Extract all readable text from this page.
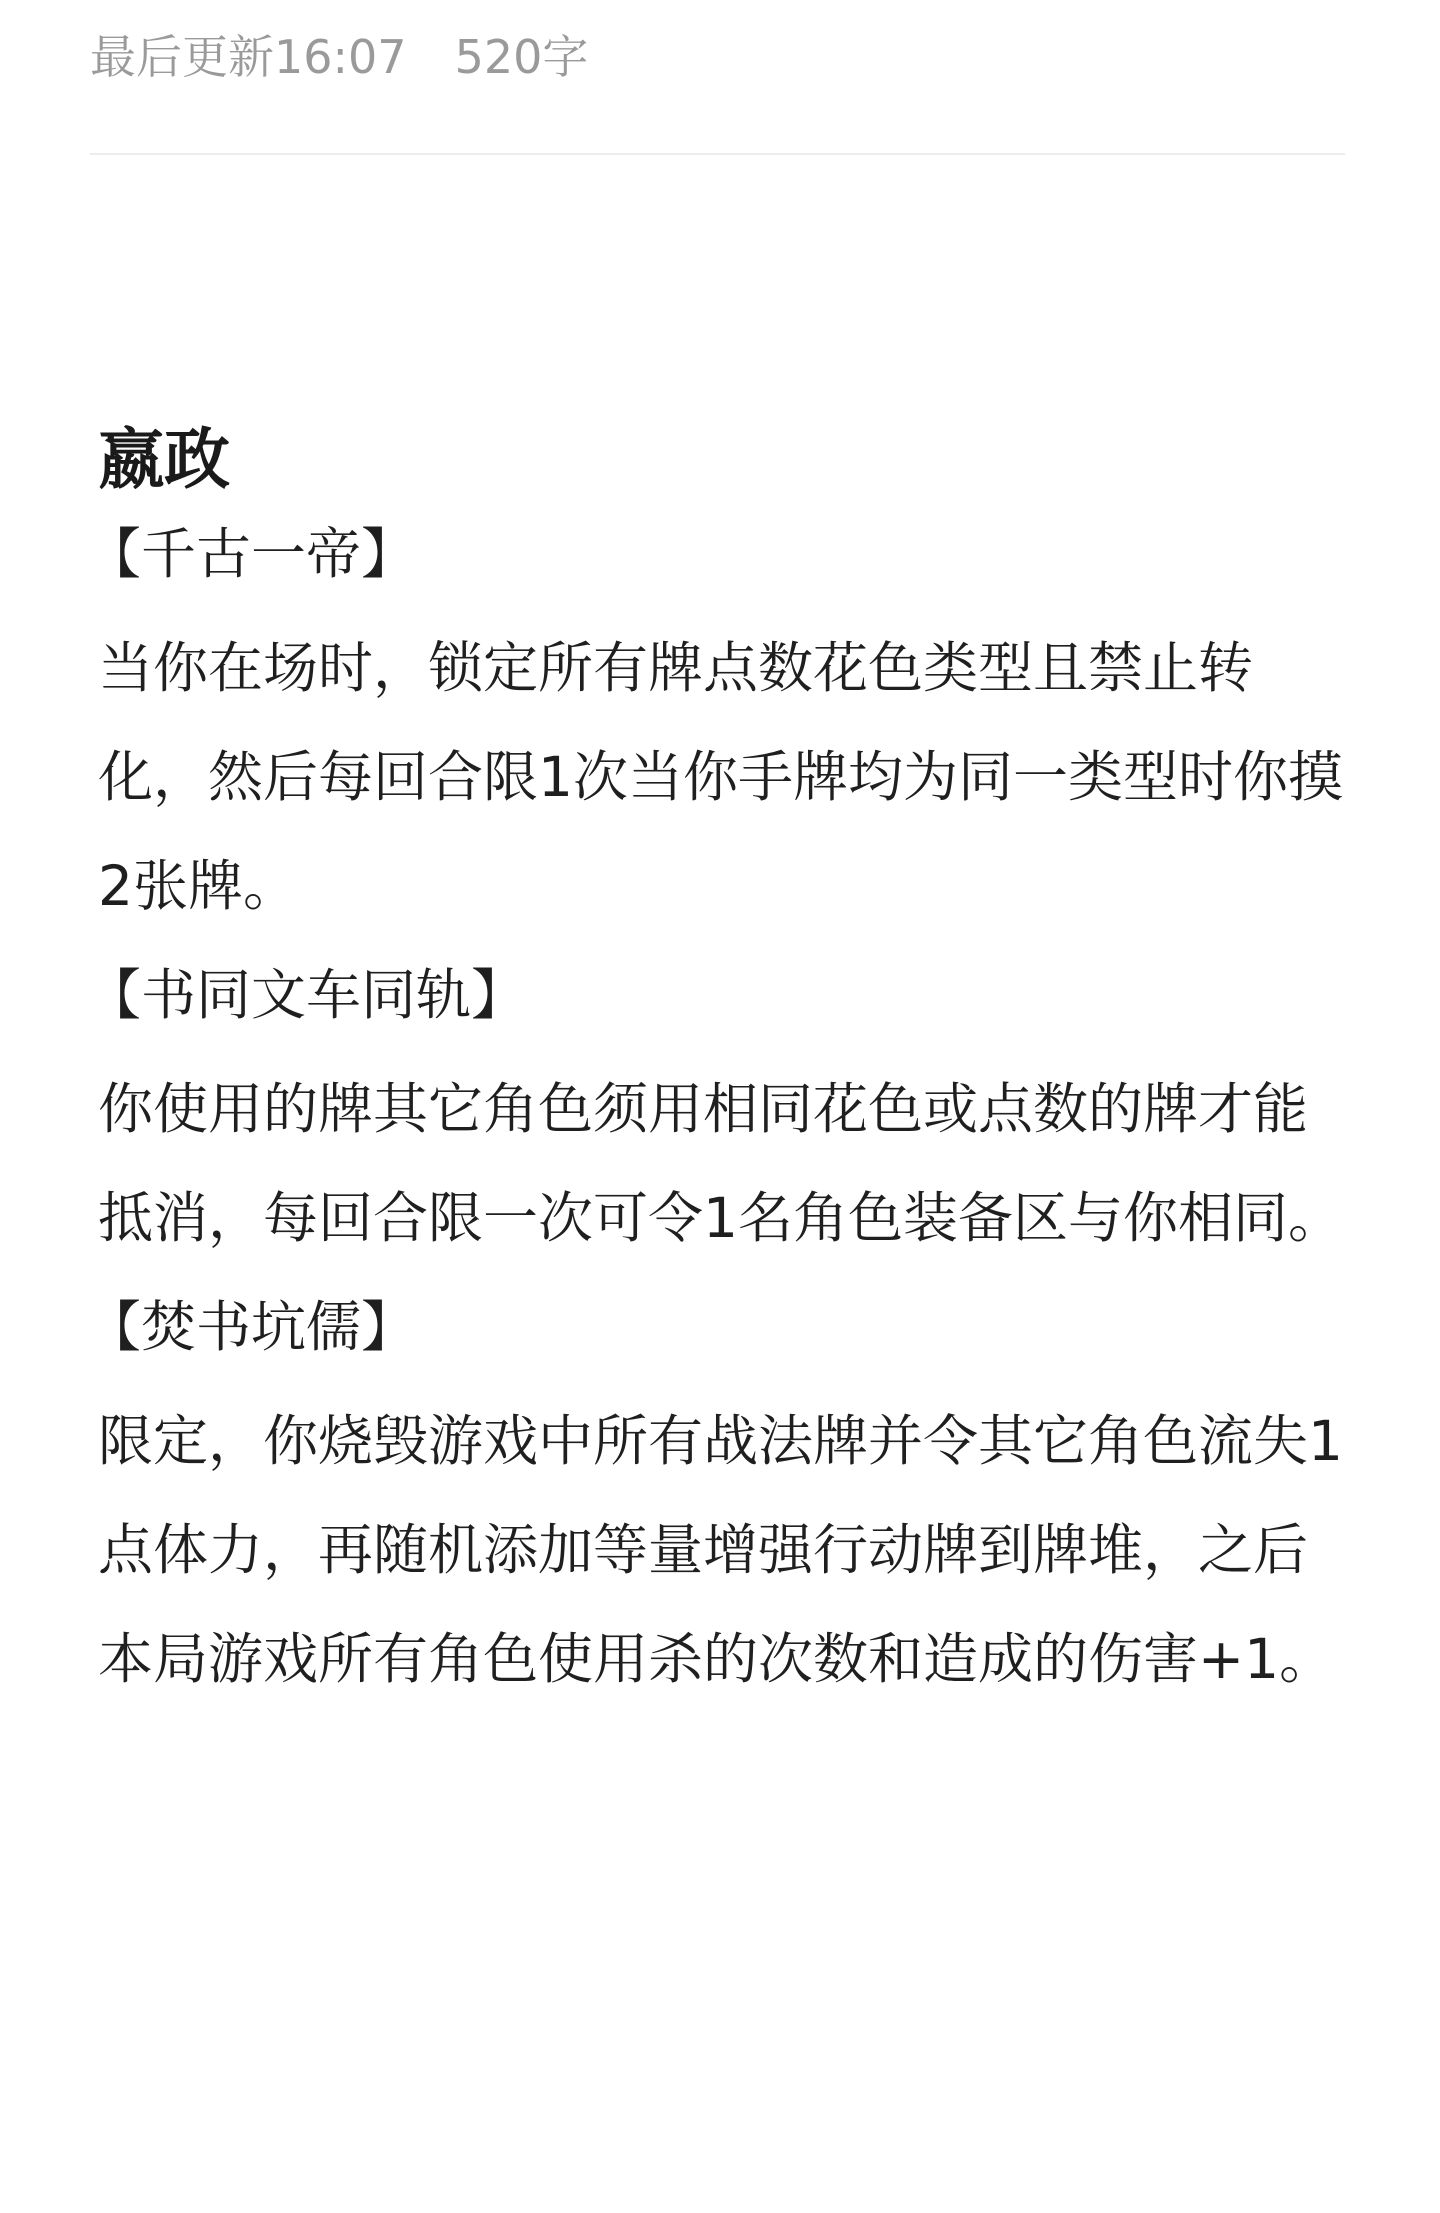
最后更新16:07 520字
嬴政
【千古一帝】
当你在场时，锁定所有牌点数花色类型且禁止转化，然后每回合限1次当你手牌均为同一类型时你摸2张牌。
【书同文车同轨】
你使用的牌其它角色须用相同花色或点数的牌才能抵消，每回合限一次可令1名角色装备区与你相同。
【焚书坑儒】
限定，你烧毁游戏中所有战法牌并令其它角色流失1点体力，再随机添加等量增强行动牌到牌堆，之后本局游戏所有角色使用杀的次数和造成的伤害+1。
